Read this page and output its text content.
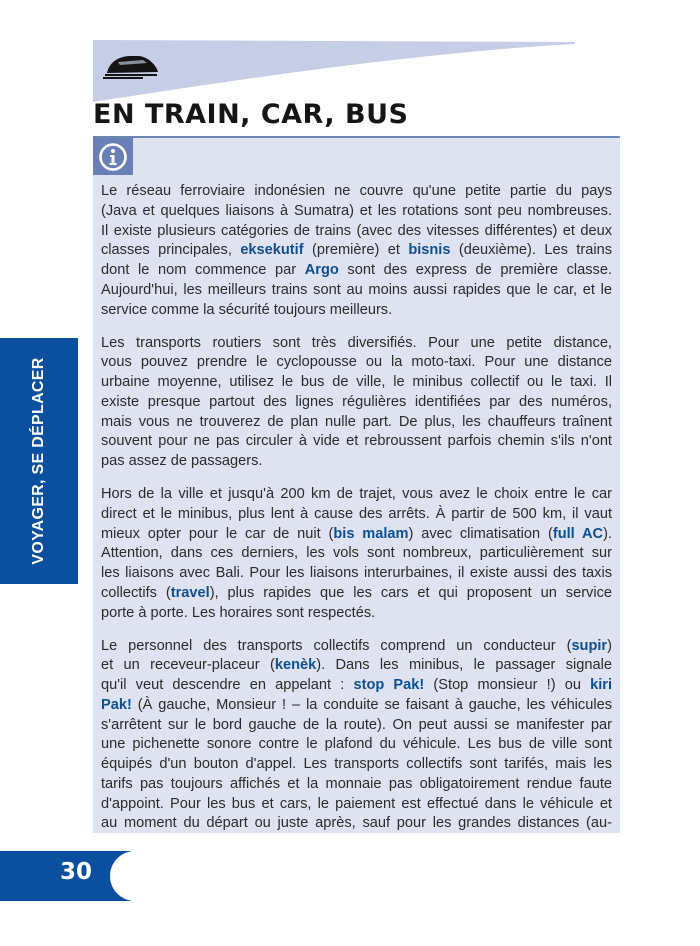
EN TRAIN, CAR, BUS
Le réseau ferroviaire indonésien ne couvre qu'une petite partie du pays
(Java et quelques liaisons à Sumatra) et les rotations sont peu nombreuses.
Il existe plusieurs catégories de trains (avec des vitesses différentes) et deux
classes principales, eksekutif (première) et bisnis (deuxième). Les trains
dont le nom commence par Argo sont des express de première classe.
Aujourd'hui, les meilleurs trains sont au moins aussi rapides que le car, et le
service comme la sécurité toujours meilleurs.
Les transports routiers sont très diversifiés. Pour une petite distance,
vous pouvez prendre le cyclopousse ou la moto-taxi. Pour une distance
urbaine moyenne, utilisez le bus de ville, le minibus collectif ou le taxi. Il
existe presque partout des lignes régulières identifiées par des numéros,
mais vous ne trouverez de plan nulle part. De plus, les chauffeurs traînent
souvent pour ne pas circuler à vide et rebroussent parfois chemin s'ils n'ont
pas assez de passagers.
Hors de la ville et jusqu'à 200 km de trajet, vous avez le choix entre le car
direct et le minibus, plus lent à cause des arrêts. À partir de 500 km, il vaut
mieux opter pour le car de nuit (bis malam) avec climatisation (full AC).
Attention, dans ces derniers, les vols sont nombreux, particulièrement sur
les liaisons avec Bali. Pour les liaisons interurbaines, il existe aussi des taxis
collectifs (travel), plus rapides que les cars et qui proposent un service
porte à porte. Les horaires sont respectés.
Le personnel des transports collectifs comprend un conducteur (supir)
et un receveur-placeur (kenèk). Dans les minibus, le passager signale
qu'il veut descendre en appelant : stop Pak! (Stop monsieur !) ou kiri
Pak! (À gauche, Monsieur ! – la conduite se faisant à gauche, les véhicules
s'arrêtent sur le bord gauche de la route). On peut aussi se manifester par
une pichenette sonore contre le plafond du véhicule. Les bus de ville sont
équipés d'un bouton d'appel. Les transports collectifs sont tarifés, mais les
tarifs pas toujours affichés et la monnaie pas obligatoirement rendue faute
d'appoint. Pour les bus et cars, le paiement est effectué dans le véhicule et
au moment du départ ou juste après, sauf pour les grandes distances (au-
VOYAGER, SE DÉPLACER
30
